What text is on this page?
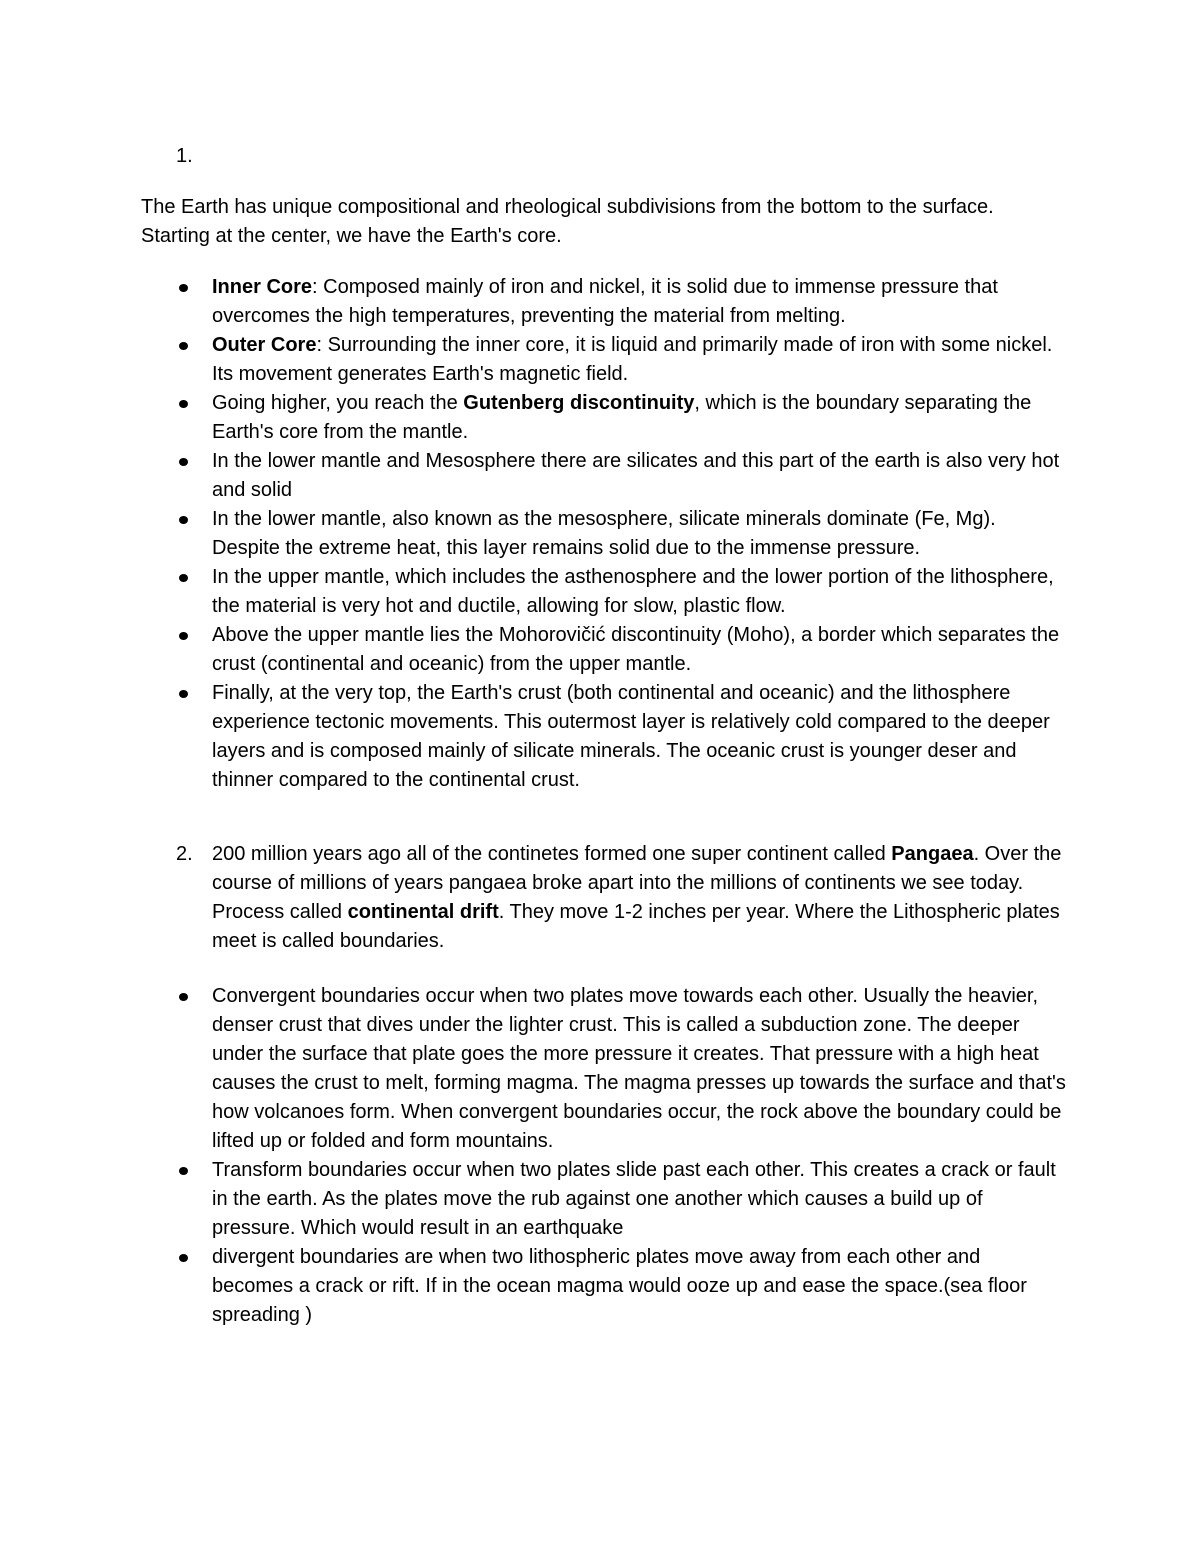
1.
The Earth has unique compositional and rheological subdivisions from the bottom to the surface. Starting at the center, we have the Earth's core.
Inner Core: Composed mainly of iron and nickel, it is solid due to immense pressure that overcomes the high temperatures, preventing the material from melting.
Outer Core: Surrounding the inner core, it is liquid and primarily made of iron with some nickel. Its movement generates Earth's magnetic field.
Going higher, you reach the Gutenberg discontinuity, which is the boundary separating the Earth's core from the mantle.
In the lower mantle and Mesosphere there are silicates and this part of the earth is also very hot and solid
In the lower mantle, also known as the mesosphere, silicate minerals dominate (Fe, Mg). Despite the extreme heat, this layer remains solid due to the immense pressure.
In the upper mantle, which includes the asthenosphere and the lower portion of the lithosphere, the material is very hot and ductile, allowing for slow, plastic flow.
Above the upper mantle lies the Mohorovičić discontinuity (Moho), a border which separates the crust (continental and oceanic) from the upper mantle.
Finally, at the very top, the Earth's crust (both continental and oceanic) and the lithosphere experience tectonic movements. This outermost layer is relatively cold compared to the deeper layers and is composed mainly of silicate minerals. The oceanic crust is younger deser and thinner compared to the continental crust.
2. 200 million years ago all of the continetes formed one super continent called Pangaea. Over the course of millions of years pangaea broke apart into the millions of continents we see today. Process called continental drift. They move 1-2 inches per year. Where the Lithospheric plates meet is called boundaries.
Convergent boundaries occur when two plates move towards each other. Usually the heavier, denser crust that dives under the lighter crust. This is called a subduction zone. The deeper under the surface that plate goes the more pressure it creates. That pressure with a high heat causes the crust to melt, forming magma. The magma presses up towards the surface and that's how volcanoes form. When convergent boundaries occur, the rock above the boundary could be lifted up or folded and form mountains.
Transform boundaries occur when two plates slide past each other. This creates a crack or fault in the earth. As the plates move the rub against one another which causes a build up of pressure. Which would result in an earthquake
divergent boundaries are when two lithospheric plates move away from each other and becomes a crack or rift. If in the ocean magma would ooze up and ease the space.(sea floor spreading )
